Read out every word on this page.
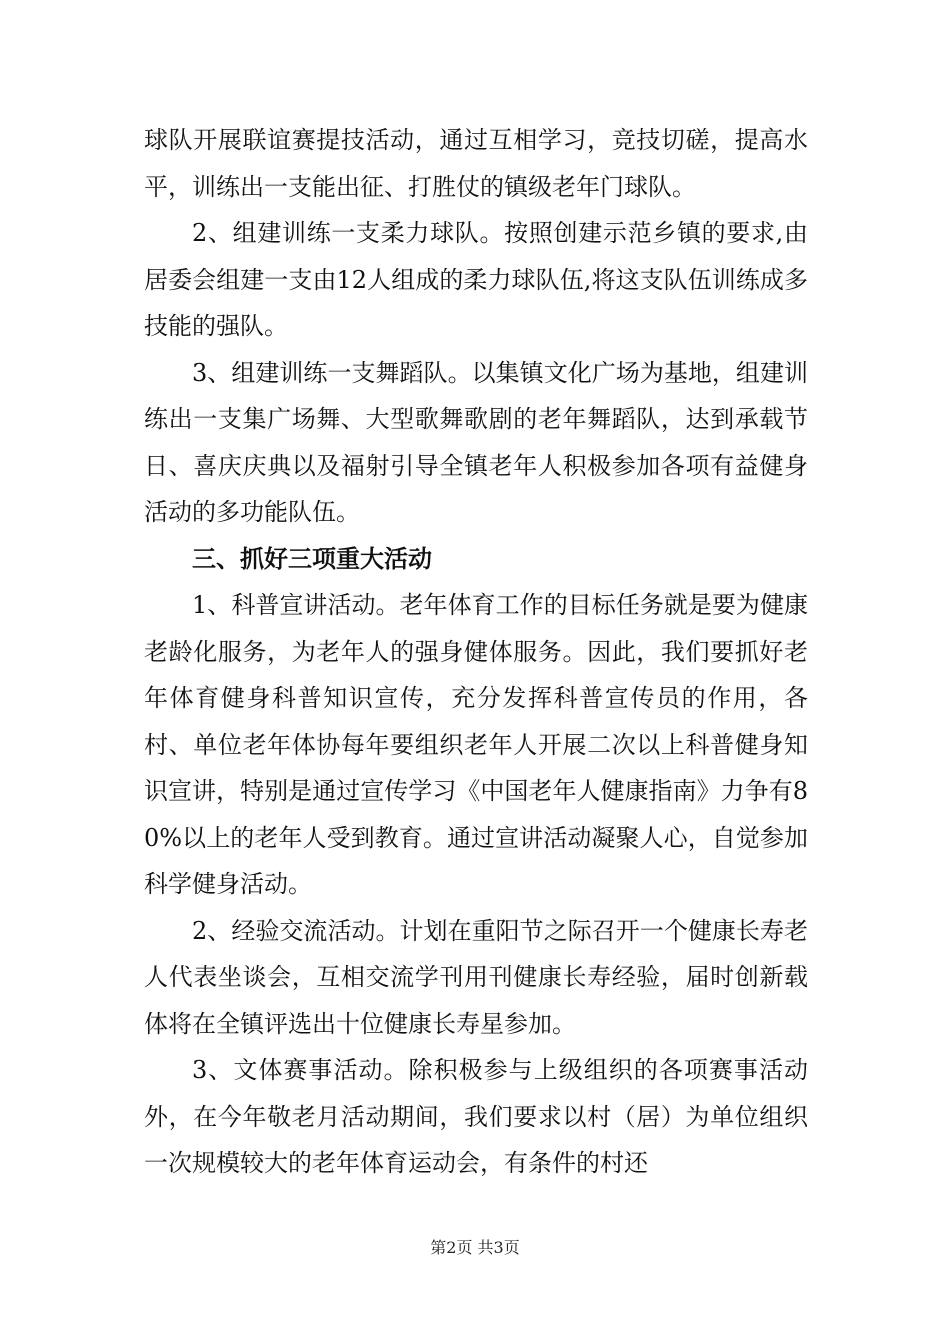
球队开展联谊赛提技活动，通过互相学习，竞技切磋，提高水平，训练出一支能出征、打胜仗的镇级老年门球队。

2、组建训练一支柔力球队。按照创建示范乡镇的要求,由居委会组建一支由12人组成的柔力球队伍,将这支队伍训练成多技能的强队。

3、组建训练一支舞蹈队。以集镇文化广场为基地，组建训练出一支集广场舞、大型歌舞歌剧的老年舞蹈队，达到承载节日、喜庆庆典以及福射引导全镇老年人积极参加各项有益健身活动的多功能队伍。

三、抓好三项重大活动

1、科普宣讲活动。老年体育工作的目标任务就是要为健康老龄化服务，为老年人的强身健体服务。因此，我们要抓好老年体育健身科普知识宣传，充分发挥科普宣传员的作用，各村、单位老年体协每年要组织老年人开展二次以上科普健身知识宣讲，特别是通过宣传学习《中国老年人健康指南》力争有80%以上的老年人受到教育。通过宣讲活动凝聚人心，自觉参加科学健身活动。

2、经验交流活动。计划在重阳节之际召开一个健康长寿老人代表坐谈会，互相交流学刊用刊健康长寿经验，届时创新载体将在全镇评选出十位健康长寿星参加。

3、文体赛事活动。除积极参与上级组织的各项赛事活动外，在今年敬老月活动期间，我们要求以村（居）为单位组织一次规模较大的老年体育运动会，有条件的村还

第2页 共3页
